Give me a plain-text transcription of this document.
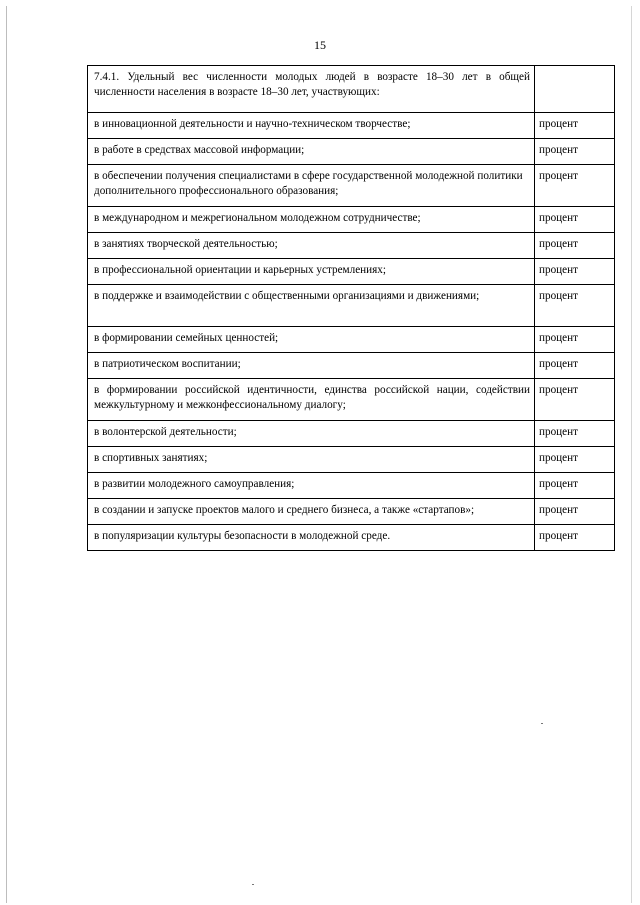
15
7.4.1. Удельный вес численности молодых людей в возрасте 18–30 лет в общей численности населения в возрасте 18–30 лет, участвующих:	
в инновационной деятельности и научно-техническом творчестве;	процент
в работе в средствах массовой информации;	процент
в обеспечении получения специалистами в сфере государственной молодежной политики дополнительного профессионального образования;	процент
в международном и межрегиональном молодежном сотрудничестве;	процент
в занятиях творческой деятельностью;	процент
в профессиональной ориентации и карьерных устремлениях;	процент
в поддержке и взаимодействии с общественными организациями и движениями;	процент
в формировании семейных ценностей;	процент
в патриотическом воспитании;	процент
в формировании российской идентичности, единства российской нации, содействии межкультурному и межконфессиональному диалогу;	процент
в волонтерской деятельности;	процент
в спортивных занятиях;	процент
в развитии молодежного самоуправления;	процент
в создании и запуске проектов малого и среднего бизнеса, а также «стартапов»;	процент
в популяризации культуры безопасности в молодежной среде.	процент
